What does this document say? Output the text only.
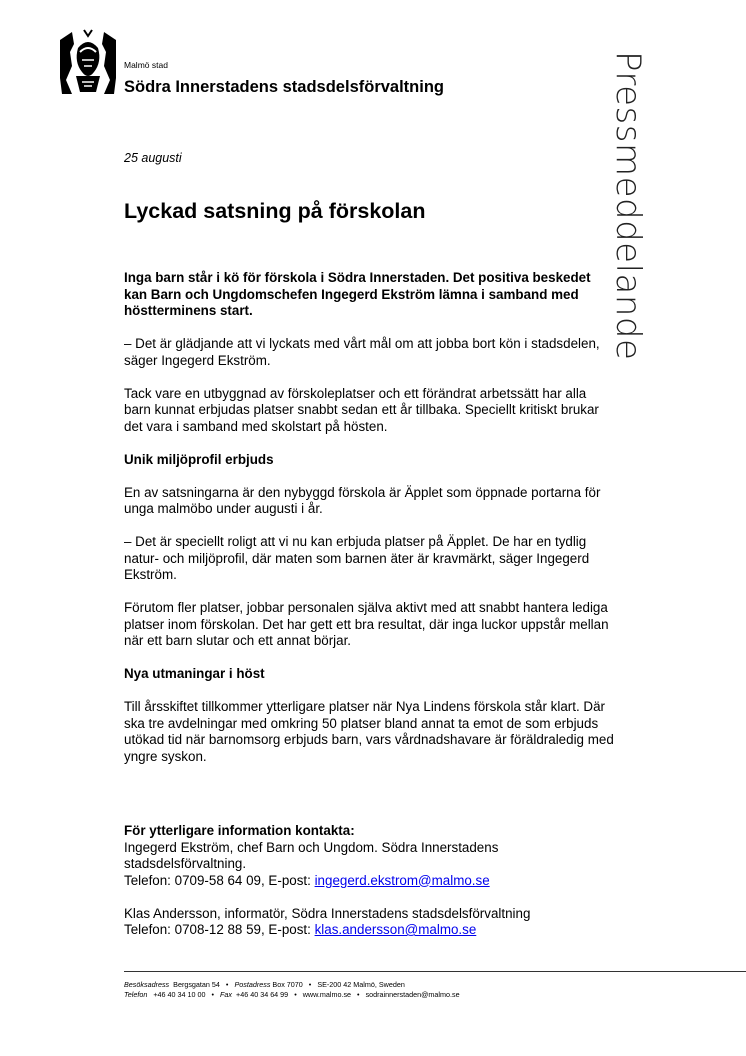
Malmö stad
Södra Innerstadens stadsdelsförvaltning	Pressmeddelande
25 augusti
Lyckad satsning på förskolan

Inga barn står i kö för förskola i Södra Innerstaden. Det positiva beskedet kan Barn och Ungdomschefen Ingegerd Ekström lämna i samband med höstterminens start.

– Det är glädjande att vi lyckats med vårt mål om att jobba bort kön i stadsdelen, säger Ingegerd Ekström.

Tack vare en utbyggnad av förskoleplatser och ett förändrat arbetssätt har alla barn kunnat erbjudas platser snabbt sedan ett år tillbaka. Speciellt kritiskt brukar det vara i samband med skolstart på hösten.

Unik miljöprofil erbjuds

En av satsningarna är den nybyggd förskola är Äpplet som öppnade portarna för unga malmöbo under augusti i år.

– Det är speciellt roligt att vi nu kan erbjuda platser på Äpplet. De har en tydlig natur- och miljöprofil, där maten som barnen äter är kravmärkt, säger Ingegerd Ekström.

Förutom fler platser, jobbar personalen själva aktivt med att snabbt hantera lediga platser inom förskolan. Det har gett ett bra resultat, där inga luckor uppstår mellan när ett barn slutar och ett annat börjar.

Nya utmaningar i höst

Till årsskiftet tillkommer ytterligare platser när Nya Lindens förskola står klart. Där ska tre avdelningar med omkring 50 platser bland annat ta emot de som erbjuds utökad tid när barnomsorg erbjuds barn, vars vårdnadshavare är föräldraledig med yngre syskon.

För ytterligare information kontakta:
Ingegerd Ekström, chef Barn och Ungdom. Södra Innerstadens stadsdelsförvaltning.
Telefon: 0709-58 64 09, E-post: ingegerd.ekstrom@malmo.se

Klas Andersson, informatör, Södra Innerstadens stadsdelsförvaltning
Telefon: 0708-12 88 59, E-post: klas.andersson@malmo.se

Besöksadress Bergsgatan 54 • Postadress Box 7070 • SE-200 42 Malmö, Sweden
Telefon +46 40 34 10 00 • Fax +46 40 34 64 99 • www.malmo.se • sodrainnerstaden@malmo.se
